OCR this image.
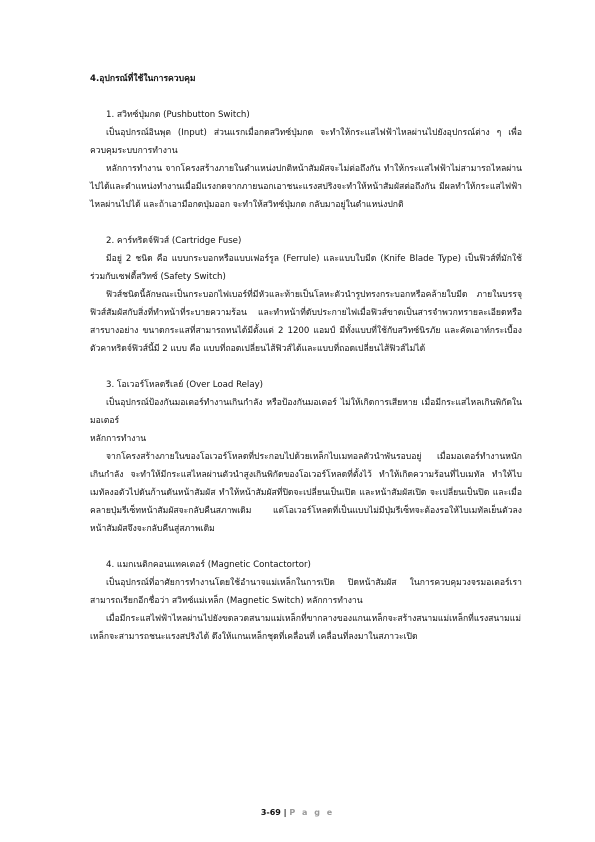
4.อุปกรณ์ที่ใช้ในการควบคุม

1. สวิทซ์ปุ่มกด (Pushbutton Switch)

เป็นอุปกรณ์อินพุต (Input) ส่วนแรกเมื่อกดสวิทซ์ปุ่มกด จะทำให้กระแสไฟฟ้าไหลผ่านไปยังอุปกรณ์ต่าง ๆ เพื่อควบคุมระบบการทำงาน

หลักการทำงาน จากโครงสร้างภายในตำแหน่งปกติหน้าสัมผัสจะไม่ต่อถึงกัน ทำให้กระแสไฟฟ้าไม่สามารถไหลผ่านไปได้และตำแหน่งทำงานเมื่อมีแรงกดจากภายนอกเอาชนะแรงสปริงจะทำให้หน้าสัมผัสต่อถึงกัน มีผลทำให้กระแสไฟฟ้าไหลผ่านไปได้ และถ้าเอามือกดปุ่มออก จะทำให้สวิทซ์ปุ่มกด กลับมาอยู่ในตำแหน่งปกติ

2. คาร์ทริดจ์ฟิวส์ (Cartridge Fuse)

มีอยู่ 2 ชนิด คือ แบบกระบอกหรือแบบเฟอร์รูล (Ferrule) และแบบใบมีด (Knife Blade Type) เป็นฟิวส์ที่มักใช้ร่วมกับเซฟตี้สวิทซ์ (Safety Switch)

ฟิวส์ชนิดนี้ลักษณะเป็นกระบอกไฟเบอร์ที่มีหัวและท้ายเป็นโลหะตัวนำรูปทรงกระบอกหรือคล้ายใบมีด ภายในบรรจุฟิวส์สัมผัสกับสิ่งที่ทำหน้าที่ระบายความร้อน และทำหน้าที่ดับประกายไฟเมื่อฟิวส์ขาดเป็นสารจำพวกทรายละเอียดหรือสารบางอย่าง ขนาดกระแสที่สามารถทนได้มีตั้งแต่ 2 1200 แอมป์ มีทั้งแบบที่ใช้กับสวิทซ์นิรภัย และคัตเอาท์กระเบื้อง ตัวคาทริดจ์ฟิวส์นี้มี 2 แบบ คือ แบบที่ถอดเปลี่ยนไส้ฟิวส์ได้และแบบที่ถอดเปลี่ยนไส้ฟิวส์ไม่ได้

3. โอเวอร์โหลดรีเลย์ (Over Load Relay)

เป็นอุปกรณ์ป้องกันมอเตอร์ทำงานเกินกำลัง หรือป้องกันมอเตอร์ ไม่ให้เกิดการเสียหาย เมื่อมีกระแสไหลเกินพิกัดในมอเตอร์

หลักการทำงาน

จากโครงสร้างภายในของโอเวอร์โหลดที่ประกอบไปด้วยเหล็กไบเมทอลตัวนำพันรอบอยู่ เมื่อมอเตอร์ทำงานหนักเกินกำลัง จะทำให้มีกระแสไหลผ่านตัวนำสูงเกินพิกัดของโอเวอร์โหลดที่ตั้งไว้ ทำให้เกิดความร้อนที่ไบเมทัล ทำให้ไบเมทัลงอตัวไปดันก้านดันหน้าสัมผัส ทำให้หน้าสัมผัสที่ปิดจะเปลี่ยนเป็นเปิด และหน้าสัมผัสเปิด จะเปลี่ยนเป็นปิด และเมื่อคลายปุ่มรีเซ็ทหน้าสัมผัสจะกลับคืนสภาพเดิม แต่โอเวอร์โหลดที่เป็นแบบไม่มีปุ่มรีเซ็ทจะต้องรอให้ไบเมทัลเย็นตัวลง หน้าสัมผัสจึงจะกลับคืนสู่สภาพเดิม

4. แมกเนติกคอนแทคเตอร์ (Magnetic Contactortor)

เป็นอุปกรณ์ที่อาศัยการทำงานโดยใช้อำนาจแม่เหล็กในการเปิด ปิดหน้าสัมผัส ในการควบคุมวงจรมอเตอร์เราสามารถเรียกอีกชื่อว่า สวิทซ์แม่เหล็ก (Magnetic Switch) หลักการทำงาน

เมื่อมีกระแสไฟฟ้าไหลผ่านไปยังขดลวดสนามแม่เหล็กที่ขากลางของแกนเหล็กจะสร้างสนามแม่เหล็กที่แรงสนามแม่เหล็กจะสามารถชนะแรงสปริงได้ ดึงให้แกนเหล็กชุดที่เคลื่อนที่ เคลื่อนที่ลงมาในสภาวะเปิด

3-69 | P a g e
